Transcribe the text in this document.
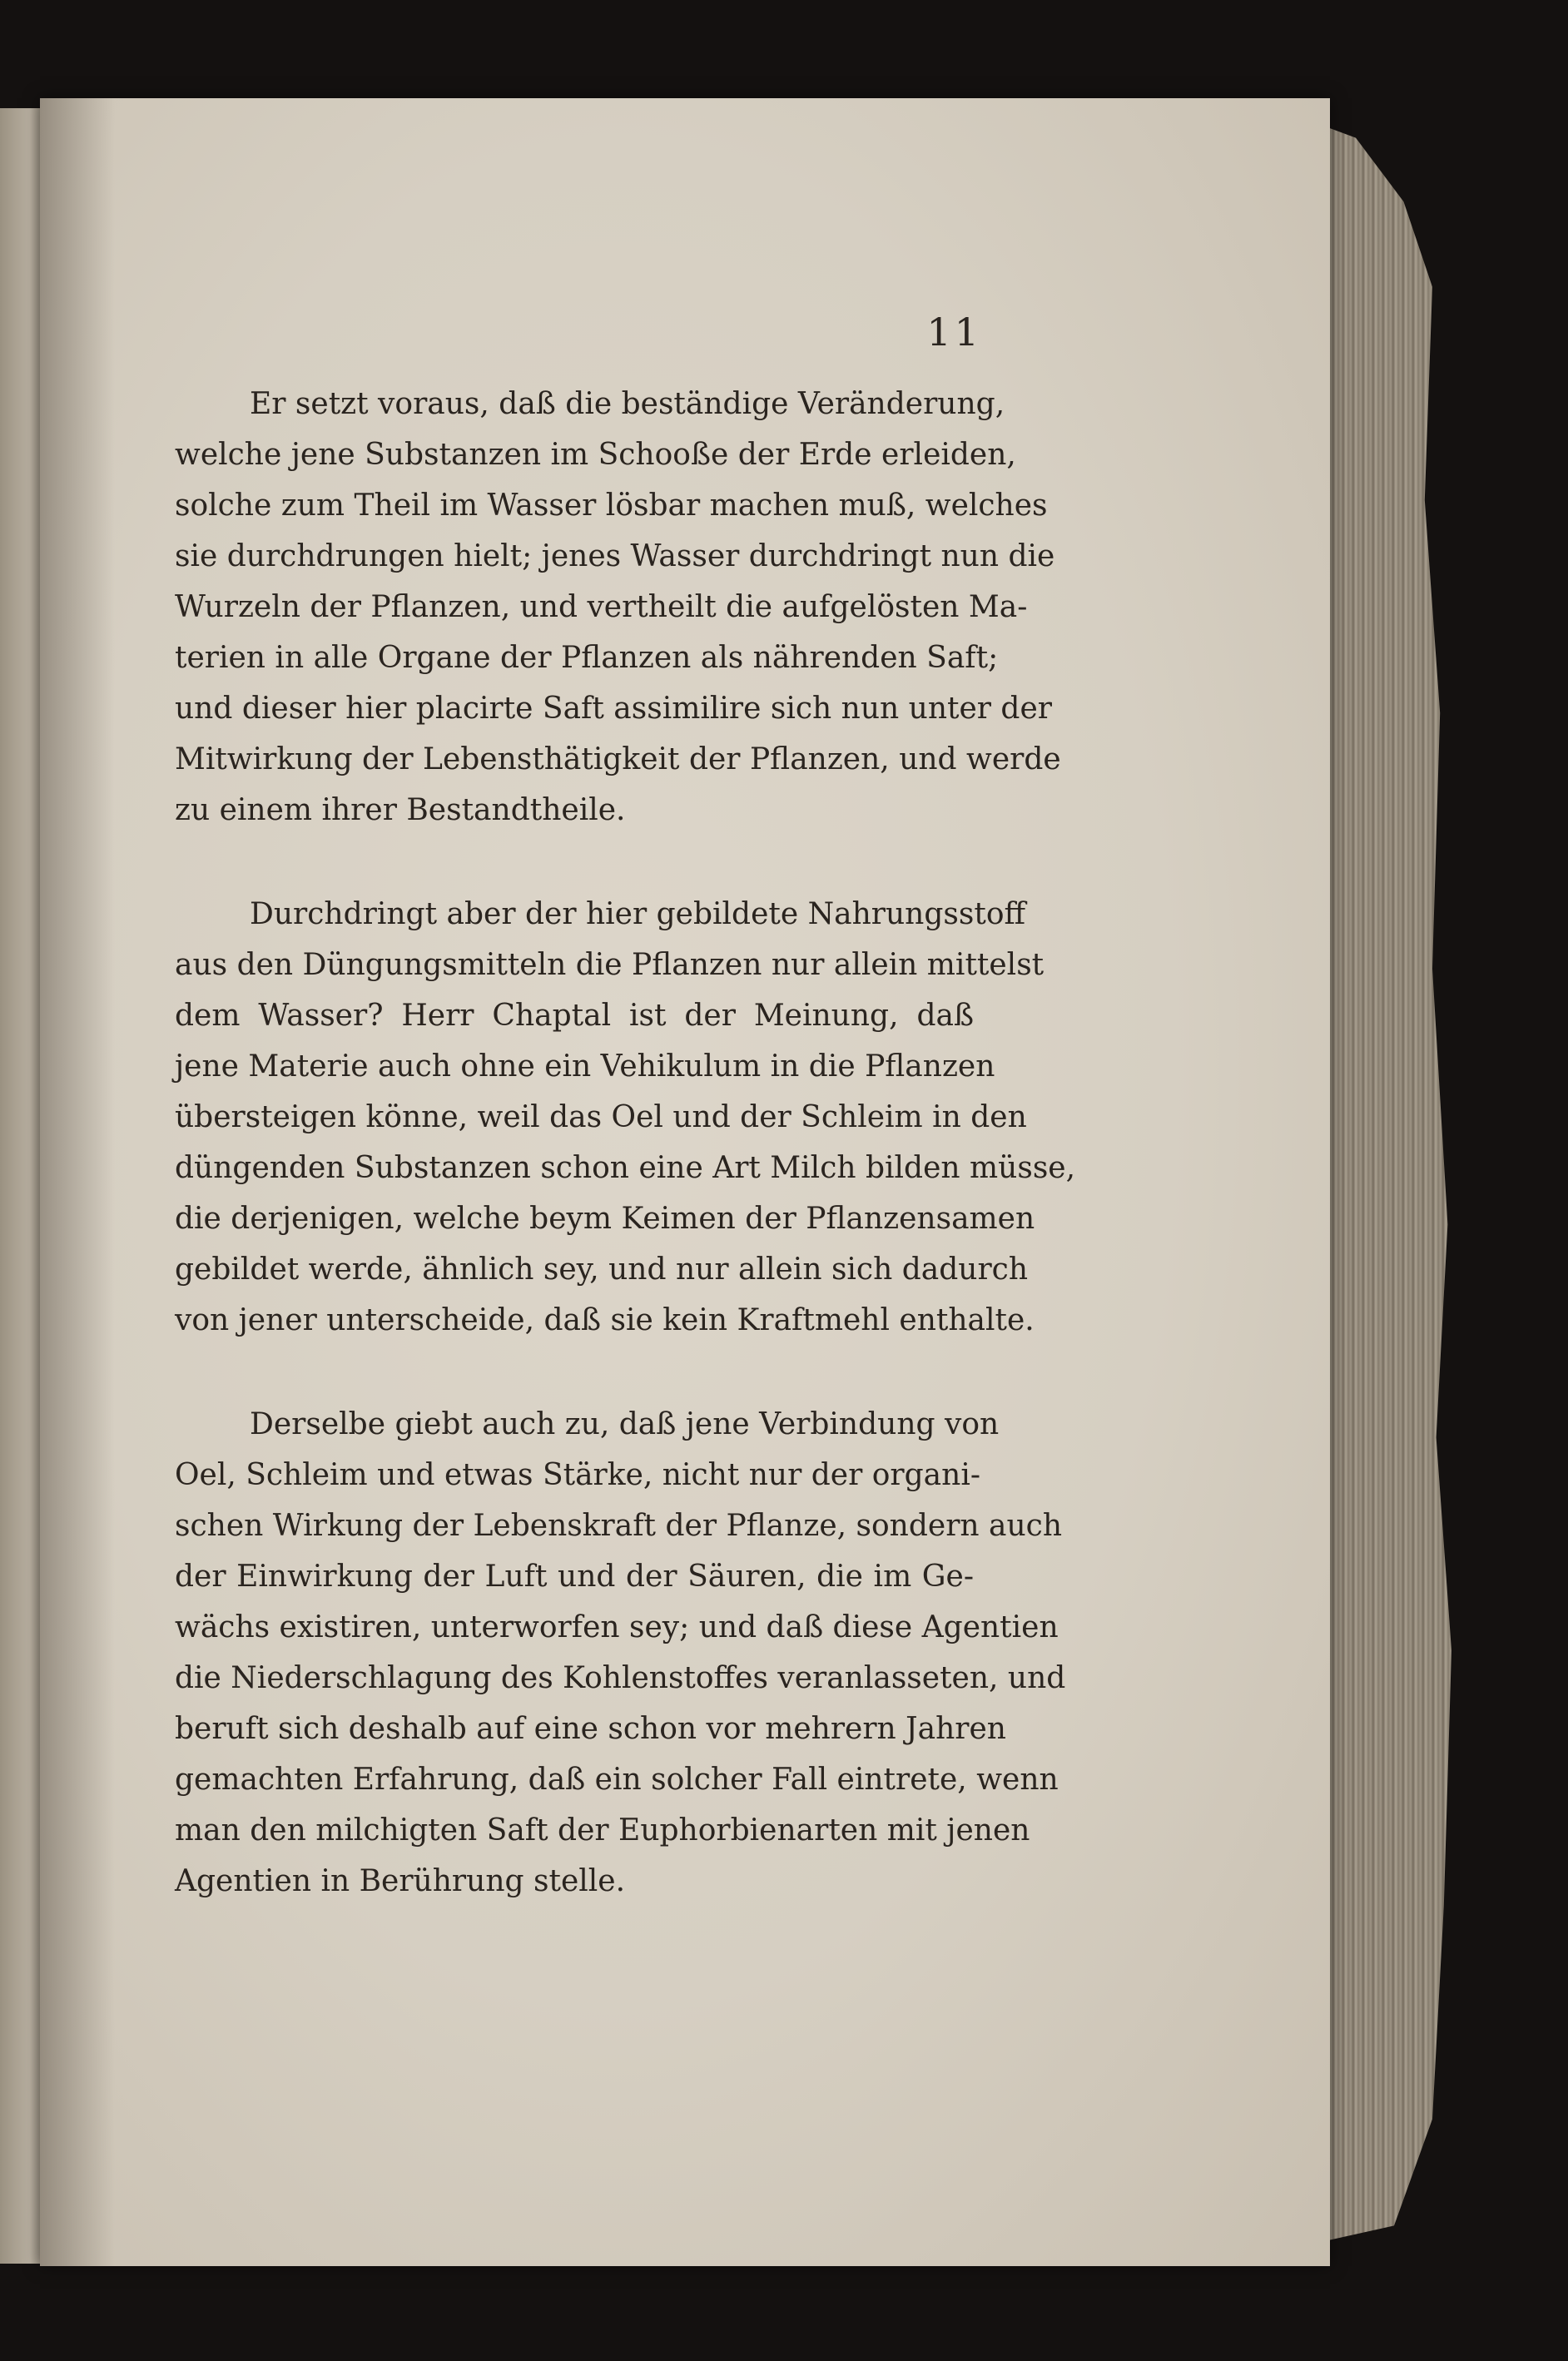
11
Er setzt voraus, daß die beständige Veränderung,
welche jene Substanzen im Schooße der Erde erleiden,
solche zum Theil im Wasser lösbar machen muß, welches
sie durchdrungen hielt; jenes Wasser durchdringt nun die
Wurzeln der Pflanzen, und vertheilt die aufgelösten Ma-
terien in alle Organe der Pflanzen als nährenden Saft;
und dieser hier placirte Saft assimilire sich nun unter der
Mitwirkung der Lebensthätigkeit der Pflanzen, und werde
zu einem ihrer Bestandtheile.
Durchdringt aber der hier gebildete Nahrungsstoff
aus den Düngungsmitteln die Pflanzen nur allein mittelst
dem Wasser? Herr Chaptal ist der Meinung, daß
jene Materie auch ohne ein Vehikulum in die Pflanzen
übersteigen könne, weil das Oel und der Schleim in den
düngenden Substanzen schon eine Art Milch bilden müsse,
die derjenigen, welche beym Keimen der Pflanzensamen
gebildet werde, ähnlich sey, und nur allein sich dadurch
von jener unterscheide, daß sie kein Kraftmehl enthalte.
Derselbe giebt auch zu, daß jene Verbindung von
Oel, Schleim und etwas Stärke, nicht nur der organi-
schen Wirkung der Lebenskraft der Pflanze, sondern auch
der Einwirkung der Luft und der Säuren, die im Ge-
wächs existiren, unterworfen sey; und daß diese Agentien
die Niederschlagung des Kohlenstoffes veranlasseten, und
beruft sich deshalb auf eine schon vor mehrern Jahren
gemachten Erfahrung, daß ein solcher Fall eintrete, wenn
man den milchigten Saft der Euphorbienarten mit jenen
Agentien in Berührung stelle.
